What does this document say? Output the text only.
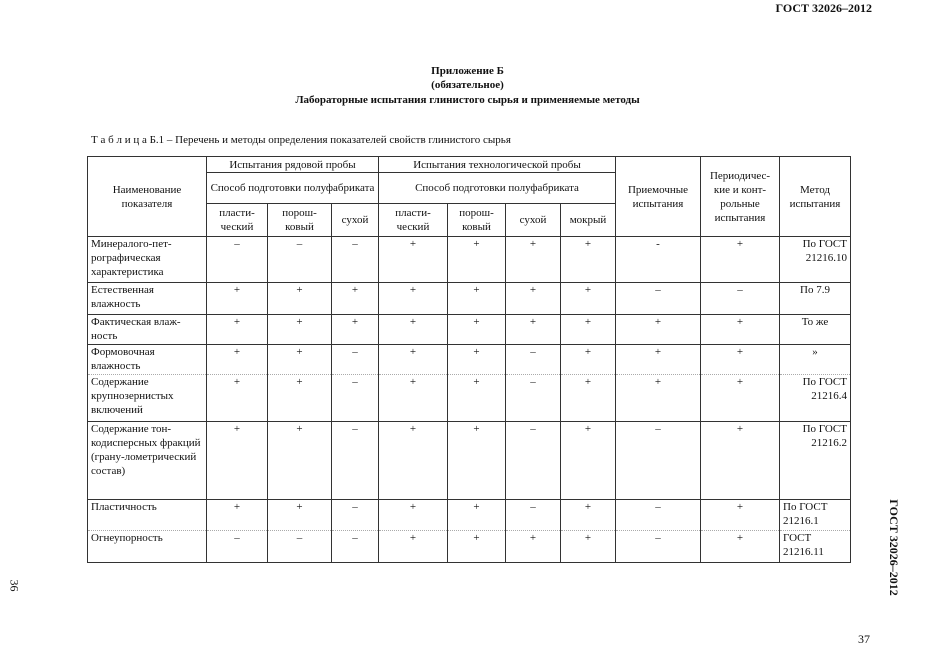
ГОСТ 32026–2012
Приложение Б
(обязательное)
Лабораторные испытания глинистого сырья и применяемые методы
Т а б л и ц а Б.1 – Перечень и методы определения показателей свойств глинистого сырья
Наименование показателя	Испытания рядовой пробы			Испытания технологической пробы				Приемочные испытания	Периодичес-кие и конт-рольные испытания	Метод испытания
	Способ подготовки полуфабриката			Способ подготовки полуфабриката						
	пласти-ческий	порош-ковый	сухой	пласти-ческий	порош-ковый	сухой	мокрый			
Минералого-пет-рографическая характеристика	–	–	–	+	+	+	+	-	+	По ГОСТ 21216.10
Естественная влажность	+	+	+	+	+	+	+	–	–	По 7.9
Фактическая влаж-ность	+	+	+	+	+	+	+	+	+	То же
Формовочная влажность	+	+	–	+	+	–	+	+	+	»
Содержание крупнозернистых включений	+	+	–	+	+	–	+	+	+	По ГОСТ 21216.4
Содержание тон-кодисперсных фракций (грану-лометрический состав)	+	+	–	+	+	–	+	–	+	По ГОСТ 21216.2
Пластичность	+	+	–	+	+	–	+	–	+	По ГОСТ 21216.1
Огнеупорность	–	–	–	+	+	+	+	–	+	ГОСТ 21216.11
36	ГОСТ 32026–2012
37
